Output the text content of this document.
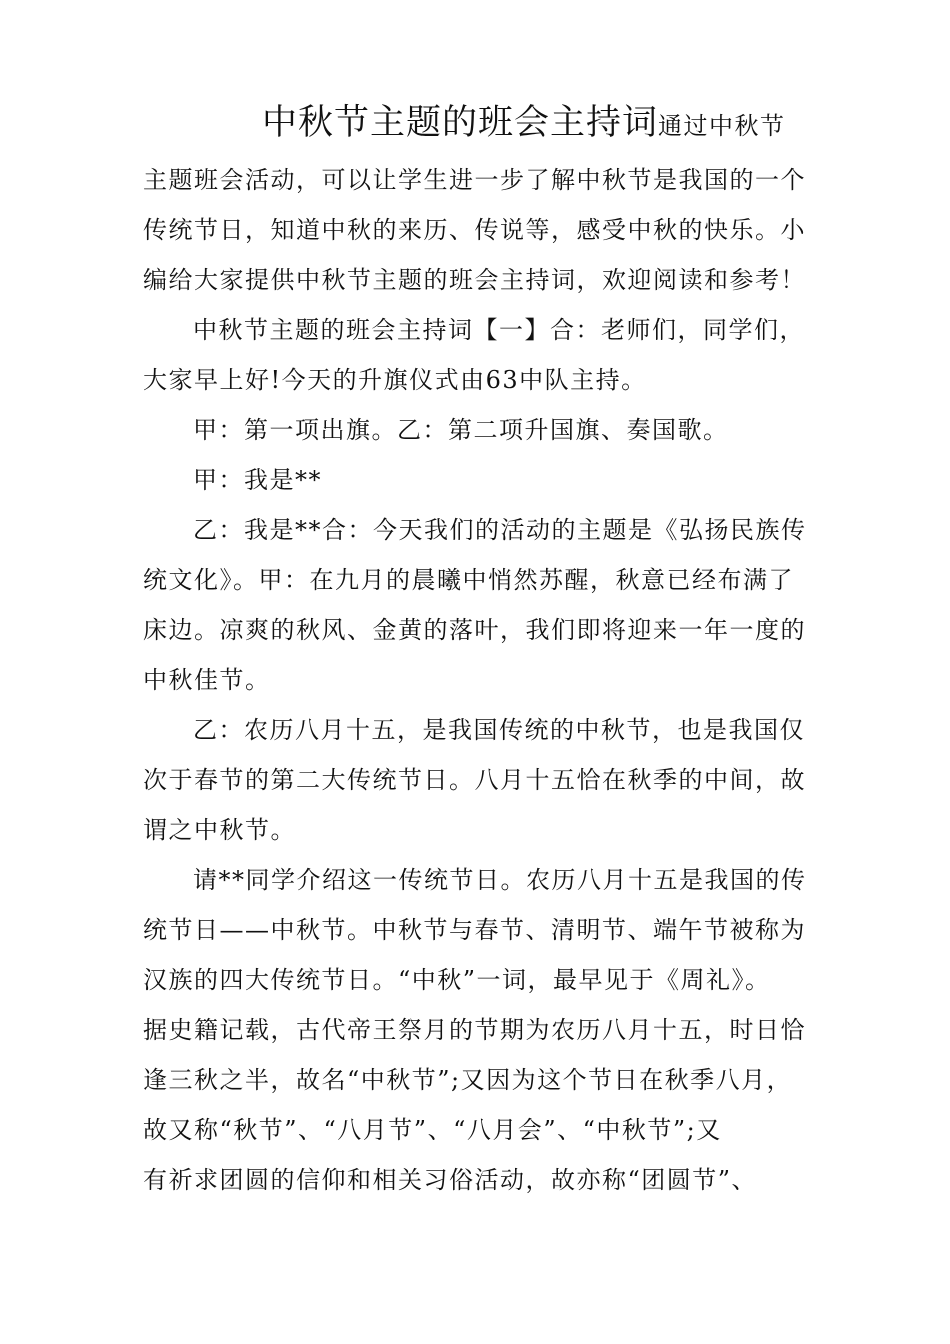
中秋节主题的班会主持词通过中秋节
主题班会活动，可以让学生进一步了解中秋节是我国的一个
传统节日，知道中秋的来历、传说等，感受中秋的快乐。小
编给大家提供中秋节主题的班会主持词，欢迎阅读和参考！
中秋节主题的班会主持词【一】合：老师们，同学们，
大家早上好!今天的升旗仪式由63中队主持。
甲：第一项出旗。乙：第二项升国旗、奏国歌。
甲：我是**
乙：我是**合：今天我们的活动的主题是《弘扬民族传
统文化》。甲：在九月的晨曦中悄然苏醒，秋意已经布满了
床边。凉爽的秋风、金黄的落叶，我们即将迎来一年一度的
中秋佳节。
乙：农历八月十五，是我国传统的中秋节，也是我国仅
次于春节的第二大传统节日。八月十五恰在秋季的中间，故
谓之中秋节。
请**同学介绍这一传统节日。农历八月十五是我国的传
统节日——中秋节。中秋节与春节、清明节、端午节被称为
汉族的四大传统节日。“中秋”一词，最早见于《周礼》。
据史籍记载，古代帝王祭月的节期为农历八月十五，时日恰
逢三秋之半，故名“中秋节”;又因为这个节日在秋季八月，
故又称“秋节”、“八月节”、“八月会”、“中秋节”;又
有祈求团圆的信仰和相关习俗活动，故亦称“团圆节”、
